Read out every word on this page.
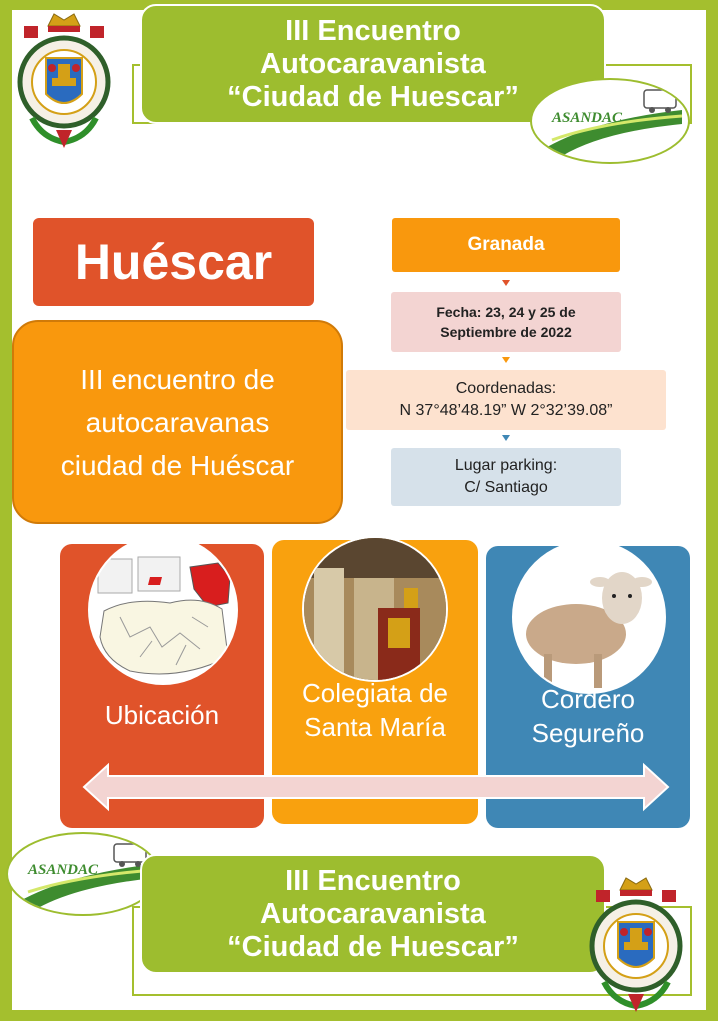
III Encuentro
Autocaravanista
“Ciudad de Huescar”
ASANDAC
Huéscar
III encuentro de
autocaravanas
ciudad de Huéscar
Granada
Fecha: 23, 24 y 25 de
Septiembre de 2022
Coordenadas:
N 37°48’48.19” W 2°32’39.08”
Lugar parking:
C/ Santiago
Ubicación
Colegiata de
Santa María
Cordero
Segureño
ASANDAC	III Encuentro
Autocaravanista
“Ciudad de Huescar”
